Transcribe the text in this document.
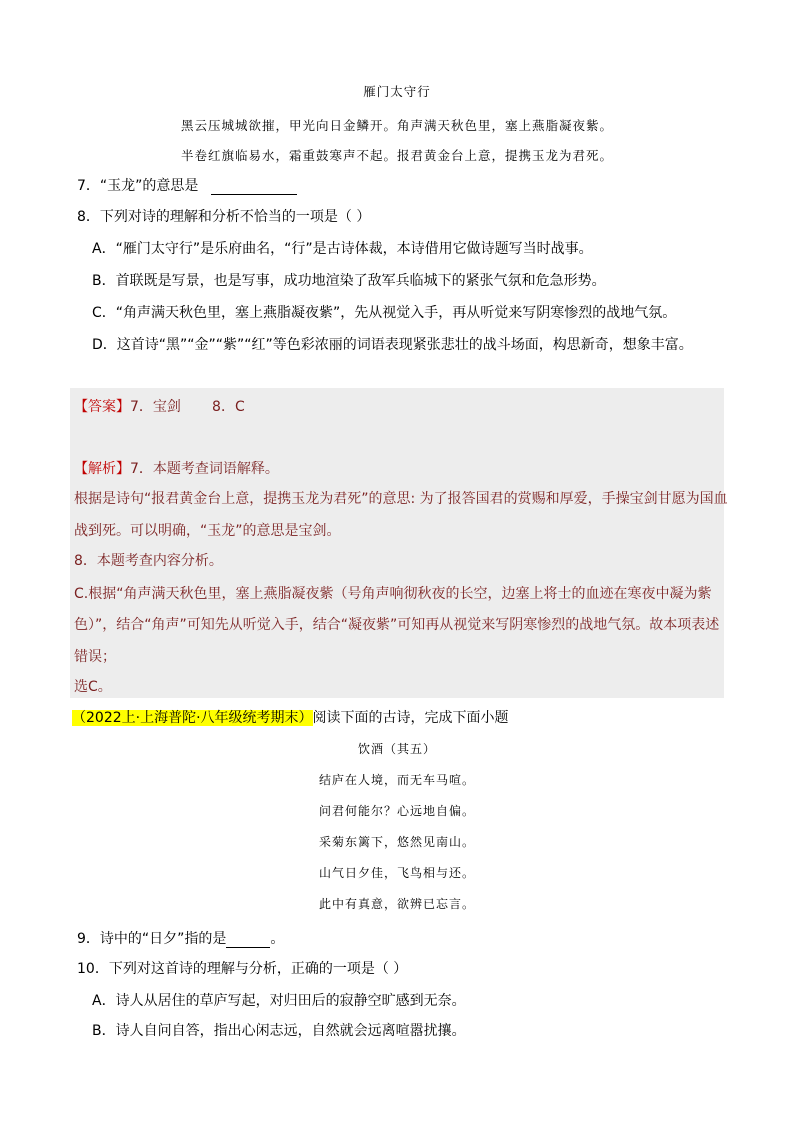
雁门太守行
黑云压城城欲摧，甲光向日金鳞开。角声满天秋色里，塞上燕脂凝夜紫。
半卷红旗临易水，霜重鼓寒声不起。报君黄金台上意，提携玉龙为君死。
7．“玉龙”的意思是
8．下列对诗的理解和分析不恰当的一项是（ ）
A．“雁门太守行”是乐府曲名，“行”是古诗体裁，本诗借用它做诗题写当时战事。
B．首联既是写景，也是写事，成功地渲染了敌军兵临城下的紧张气氛和危急形势。
C．“角声满天秋色里，塞上燕脂凝夜紫”，先从视觉入手，再从听觉来写阴寒惨烈的战地气氛。
D．这首诗“黑”“金”“紫”“红”等色彩浓丽的词语表现紧张悲壮的战斗场面，构思新奇，想象丰富。
【答案】7．宝剑       8．C
【解析】7．本题考查词语解释。
根据是诗句“报君黄金台上意，提携玉龙为君死”的意思: 为了报答国君的赏赐和厚爱，手操宝剑甘愿为国血
战到死。可以明确，“玉龙”的意思是宝剑。
8．本题考查内容分析。
C.根据“角声满天秋色里，塞上燕脂凝夜紫（号角声响彻秋夜的长空，边塞上将士的血迹在寒夜中凝为紫
色）”，结合“角声”可知先从听觉入手，结合“凝夜紫”可知再从视觉来写阴寒惨烈的战地气氛。故本项表述
错误；
选C。
（2022上·上海普陀·八年级统考期末）阅读下面的古诗，完成下面小题
饮酒（其五）
结庐在人境，而无车马喧。
问君何能尔？心远地自偏。
采菊东篱下，悠然见南山。
山气日夕佳，飞鸟相与还。
此中有真意，欲辨已忘言。
9．诗中的“日夕”指的是	。
10．下列对这首诗的理解与分析，正确的一项是（ ）
A．诗人从居住的草庐写起，对归田后的寂静空旷感到无奈。
B．诗人自问自答，指出心闲志远，自然就会远离喧嚣扰攘。
